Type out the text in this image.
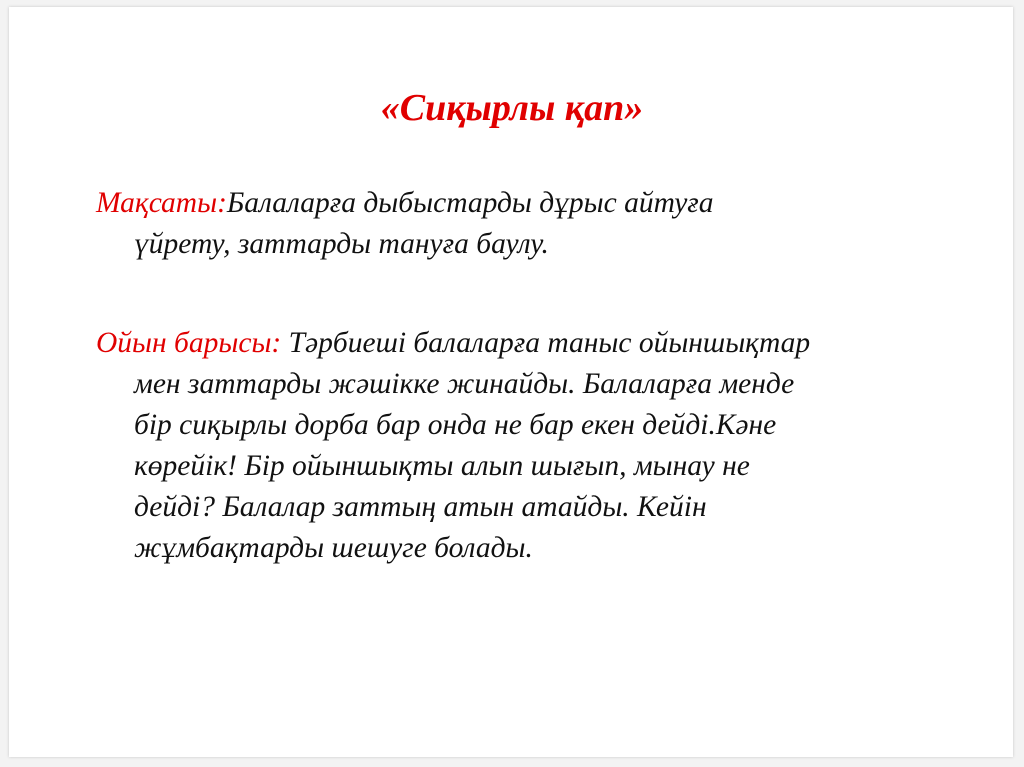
«Сиқырлы қап»

Мақсаты:Балаларға дыбыстарды дұрыс айтуға
үйрету, заттарды тануға баулу.

Ойын барысы: Тәрбиеші балаларға таныс ойыншықтар
мен заттарды жәшікке жинайды. Балаларға менде
бір сиқырлы дорба бар онда не бар екен дейді.Кәне
көрейік! Бір ойыншықты алып шығып, мынау не
дейді? Балалар заттың атын атайды. Кейін
жұмбақтарды шешуге болады.
